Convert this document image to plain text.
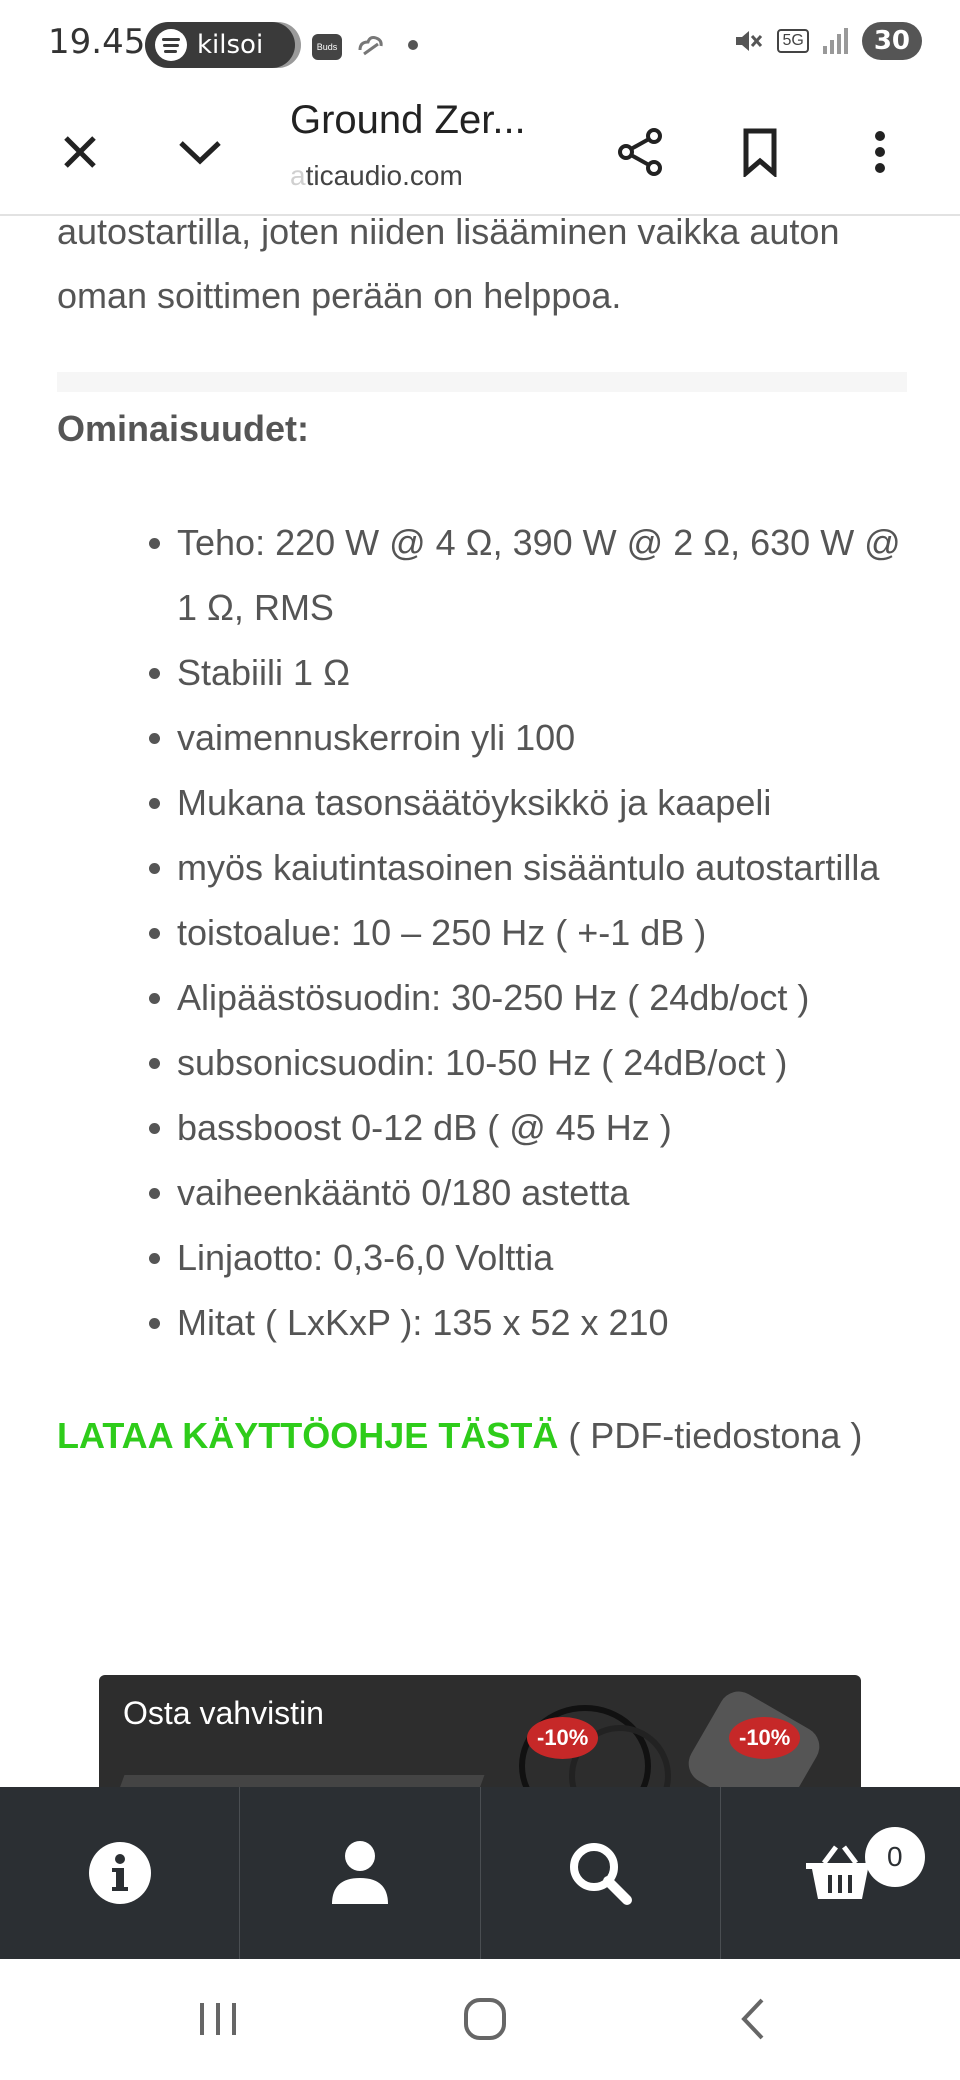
19.45 kilsoi	Buds	5G	30
Ground Zer...
aticaudio.com

autostartilla, joten niiden lisääminen vaikka auton oman soittimen perään on helppoa.

Ominaisuudet:
Teho: 220 W @ 4 Ω, 390 W @ 2 Ω, 630 W @ 1 Ω, RMS
Stabiili 1 Ω
vaimennuskerroin yli 100
Mukana tasonsäätöyksikkö ja kaapeli
myös kaiutintasoinen sisääntulo autostartilla
toistoalue: 10 – 250 Hz ( +-1 dB )
Alipäästösuodin: 30-250 Hz ( 24db/oct )
subsonicsuodin: 10-50 Hz ( 24dB/oct )
bassboost 0-12 dB ( @ 45 Hz )
vaiheenkääntö 0/180 astetta
Linjaotto: 0,3-6,0 Volttia
Mitat ( LxKxP ): 135 x 52 x 210

LATAA KÄYTTÖOHJE TÄSTÄ ( PDF-tiedostona )

Osta vahvistin
-10%	-10%
0
